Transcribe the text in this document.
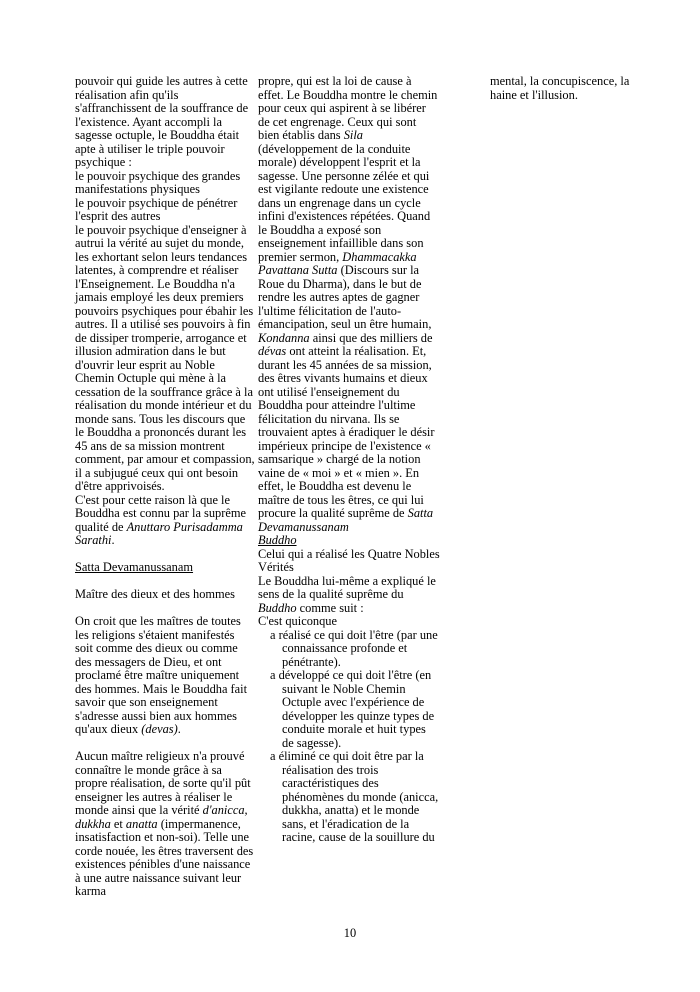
pouvoir qui guide les autres à cette réalisation afin qu'ils s'affranchissent de la souffrance de l'existence. Ayant accompli la sagesse octuple, le Bouddha était apte à utiliser le triple pouvoir psychique :

le pouvoir psychique des grandes manifestations physiques

le pouvoir psychique de pénétrer l'esprit des autres

le pouvoir psychique d'enseigner à autrui la vérité au sujet du monde, les exhortant selon leurs tendances latentes, à comprendre et réaliser l'Enseignement. Le Bouddha n'a jamais employé les deux premiers pouvoirs psychiques pour ébahir les autres. Il a utilisé ses pouvoirs à fin de dissiper tromperie, arrogance et illusion admiration dans le but d'ouvrir leur esprit au Noble Chemin Octuple qui mène à la cessation de la souffrance grâce à la réalisation du monde intérieur et du monde sans. Tous les discours que le Bouddha a prononcés durant les 45 ans de sa mission montrent comment, par amour et compassion, il a subjugué ceux qui ont besoin d'être apprivoisés.

C'est pour cette raison là que le Bouddha est connu par la suprême qualité de Anuttaro Purisadamma Sarathi.

Satta Devamanussanam

Maître des dieux et des hommes

On croit que les maîtres de toutes les religions s'étaient manifestés soit comme des dieux ou comme des messagers de Dieu, et ont proclamé être maître uniquement des hommes. Mais le Bouddha fait savoir que son enseignement s'adresse aussi bien aux hommes qu'aux dieux (devas).

Aucun maître religieux n'a prouvé connaître le monde grâce à sa propre réalisation, de sorte qu'il pût enseigner les autres à réaliser le monde ainsi que la vérité d'anicca, dukkha et anatta (impermanence, insatisfaction et non-soi). Telle une corde nouée, les êtres traversent des existences pénibles d'une naissance à une autre naissance suivant leur karma

propre, qui est la loi de cause à effet. Le Bouddha montre le chemin pour ceux qui aspirent à se libérer de cet engrenage. Ceux qui sont bien établis dans Sila (développement de la conduite morale) développent l'esprit et la sagesse. Une personne zélée et qui est vigilante redoute une existence dans un engrenage dans un cycle infini d'existences répétées. Quand le Bouddha a exposé son enseignement infaillible dans son premier sermon, Dhammacakka Pavattana Sutta (Discours sur la Roue du Dharma), dans le but de rendre les autres aptes de gagner l'ultime félicitation de l'auto-émancipation, seul un être humain, Kondanna ainsi que des milliers de dévas ont atteint la réalisation. Et, durant les 45 années de sa mission, des êtres vivants humains et dieux ont utilisé l'enseignement du Bouddha pour atteindre l'ultime félicitation du nirvana. Ils se trouvaient aptes à éradiquer le désir impérieux principe de l'existence « samsarique » chargé de la notion vaine de « moi » et « mien ». En effet, le Bouddha est devenu le maître de tous les êtres, ce qui lui procure la qualité suprême de Satta Devamanussanam

Buddho

Celui qui a réalisé les Quatre Nobles Vérités

Le Bouddha lui-même a expliqué le sens de la qualité suprême du Buddho comme suit :

C'est quiconque

a réalisé ce qui doit l'être (par une connaissance profonde et pénétrante).

a développé ce qui doit l'être (en suivant le Noble Chemin Octuple avec l'expérience de développer les quinze types de conduite morale et huit types de sagesse).

a éliminé ce qui doit être par la réalisation des trois caractéristiques des phénomènes du monde (anicca, dukkha, anatta) et le monde sans, et l'éradication de la racine, cause de la souillure du

mental, la concupiscence, la haine et l'illusion.

10
